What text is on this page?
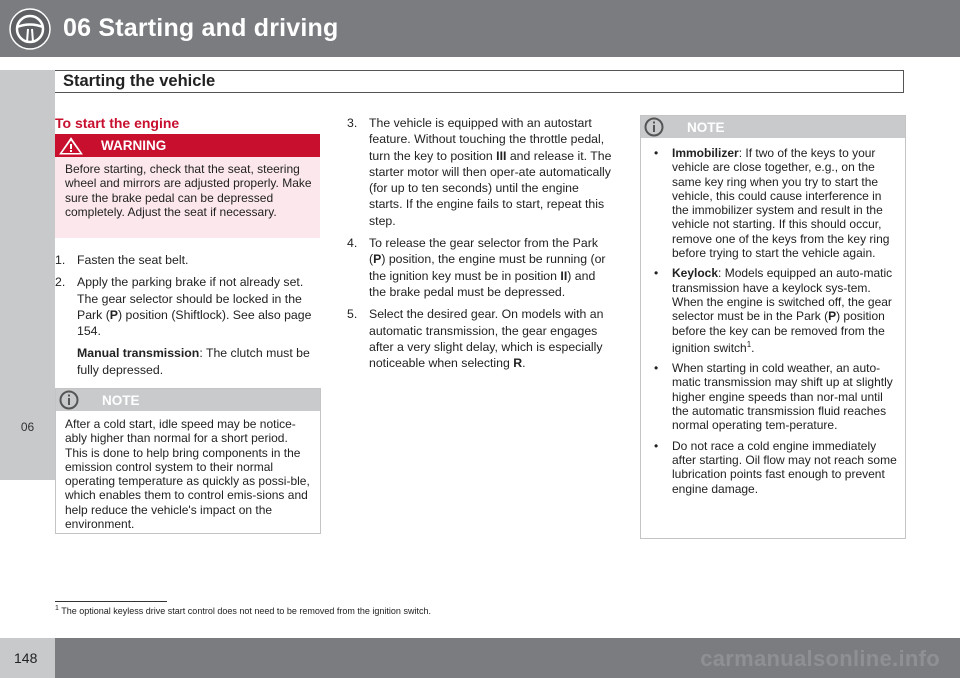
06 Starting and driving
06
Starting the vehicle
To start the engine
WARNING
Before starting, check that the seat, steering wheel and mirrors are adjusted properly. Make sure the brake pedal can be depressed completely. Adjust the seat if necessary.
1. Fasten the seat belt.
2. Apply the parking brake if not already set. The gear selector should be locked in the Park (P) position (Shiftlock). See also page 154.
Manual transmission: The clutch must be fully depressed.
NOTE
After a cold start, idle speed may be notice-ably higher than normal for a short period. This is done to help bring components in the emission control system to their normal operating temperature as quickly as possi-ble, which enables them to control emis-sions and help reduce the vehicle's impact on the environment.
3. The vehicle is equipped with an autostart feature. Without touching the throttle pedal, turn the key to position III and release it. The starter motor will then oper-ate automatically (for up to ten seconds) until the engine starts. If the engine fails to start, repeat this step.
4. To release the gear selector from the Park (P) position, the engine must be running (or the ignition key must be in position II) and the brake pedal must be depressed.
5. Select the desired gear. On models with an automatic transmission, the gear engages after a very slight delay, which is especially noticeable when selecting R.
NOTE
• Immobilizer: If two of the keys to your vehicle are close together, e.g., on the same key ring when you try to start the vehicle, this could cause interference in the immobilizer system and result in the vehicle not starting. If this should occur, remove one of the keys from the key ring before trying to start the vehicle again.
• Keylock: Models equipped an auto-matic transmission have a keylock sys-tem. When the engine is switched off, the gear selector must be in the Park (P) position before the key can be removed from the ignition switch$^1$.
• When starting in cold weather, an auto-matic transmission may shift up at slightly higher engine speeds than nor-mal until the automatic transmission fluid reaches normal operating tem-perature.
• Do not race a cold engine immediately after starting. Oil flow may not reach some lubrication points fast enough to prevent engine damage.
$^1$ The optional keyless drive start control does not need to be removed from the ignition switch.
148	carmanualsonline.info
